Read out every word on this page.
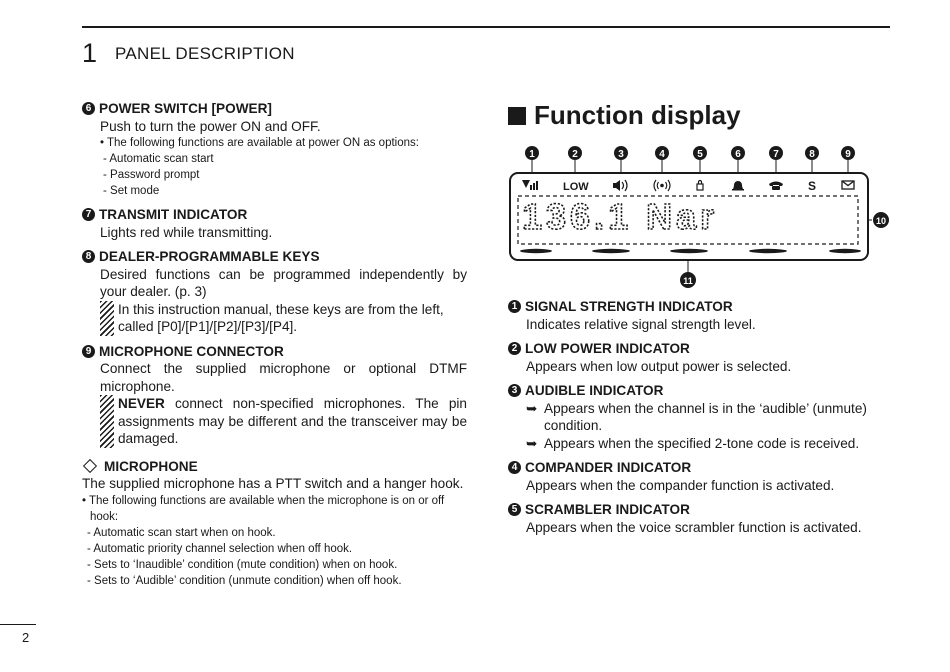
1 PANEL DESCRIPTION
6 POWER SWITCH [POWER]
Push to turn the power ON and OFF.
• The following functions are available at power ON as options:
- Automatic scan start
- Password prompt
- Set mode
7 TRANSMIT INDICATOR
Lights red while transmitting.
8 DEALER-PROGRAMMABLE KEYS
Desired functions can be programmed independently by your dealer. (p. 3)
In this instruction manual, these keys are from the left, called [P0]/[P1]/[P2]/[P3]/[P4].
9 MICROPHONE CONNECTOR
Connect the supplied microphone or optional DTMF microphone.
NEVER connect non-specified microphones. The pin assignments may be different and the transceiver may be damaged.
MICROPHONE
The supplied microphone has a PTT switch and a hanger hook.
• The following functions are available when the microphone is on or off hook:
- Automatic scan start when on hook.
- Automatic priority channel selection when off hook.
- Sets to ‘Inaudible’ condition (mute condition) when on hook.
- Sets to ‘Audible’ condition (unmute condition) when off hook.
Function display
1	2	3	4	5	6	7	8	9
10
11
LOW	S
136.1 Nar
1 SIGNAL STRENGTH INDICATOR
Indicates relative signal strength level.
2 LOW POWER INDICATOR
Appears when low output power is selected.
3 AUDIBLE INDICATOR
➥ Appears when the channel is in the ‘audible’ (unmute) condition.
➥ Appears when the specified 2-tone code is received.
4 COMPANDER INDICATOR
Appears when the compander function is activated.
5 SCRAMBLER INDICATOR
Appears when the voice scrambler function is activated.
2
